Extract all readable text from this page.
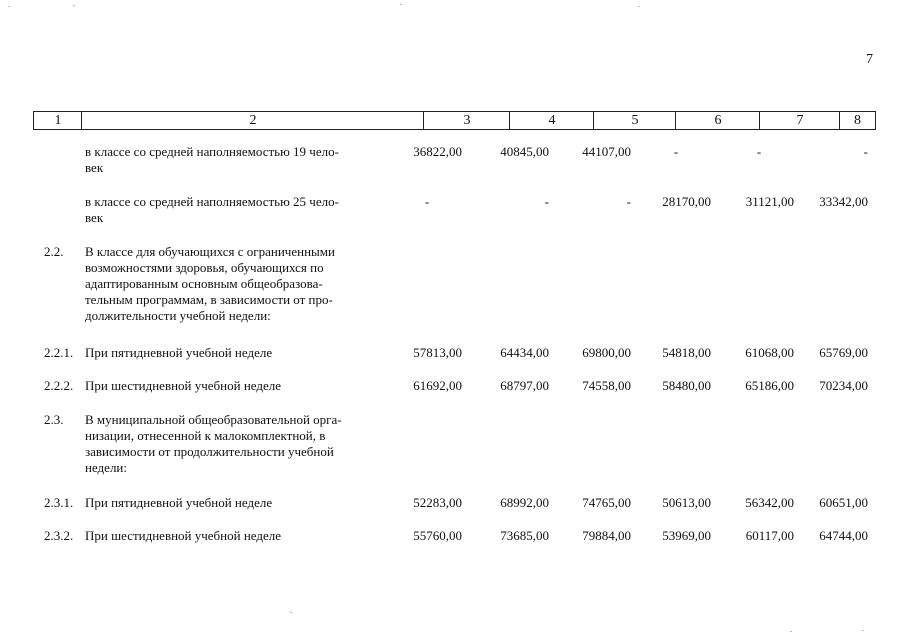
7
1	2	3	4	5	6	7	8
в классе со средней наполняемостью 19 чело-
век
36822,00	40845,00	44107,00	-	-	-
в классе со средней наполняемостью 25 чело-
век
-	-	-	28170,00	31121,00	33342,00
2.2.	В классе для обучающихся с ограниченными
возможностями здоровья, обучающихся по
адаптированным основным общеобразова-
тельным программам, в зависимости от про-
должительности учебной недели:
2.2.1. При пятидневной учебной неделе	57813,00	64434,00	69800,00	54818,00	61068,00	65769,00
2.2.2. При шестидневной учебной неделе	61692,00	68797,00	74558,00	58480,00	65186,00	70234,00
2.3.	В муниципальной общеобразовательной орга-
низации, отнесенной к малокомплектной, в
зависимости от продолжительности учебной
недели:
2.3.1. При пятидневной учебной неделе	52283,00	68992,00	74765,00	50613,00	56342,00	60651,00
2.3.2. При шестидневной учебной неделе	55760,00	73685,00	79884,00	53969,00	60117,00	64744,00
